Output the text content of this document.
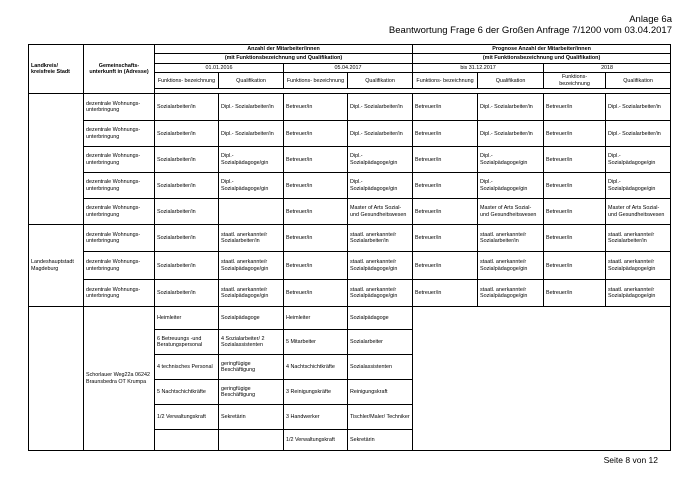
Anlage 6a
Beantwortung Frage 6 der Großen Anfrage 7/1200 vom 03.04.2017
Landkreis/ kreisfreie Stadt	Gemeinschafts- unterkunft in (Adresse)	Anzahl der Mitarbeiter/innen				Prognose Anzahl der Mitarbeiter/innen			
		(mit Funktionsbezeichnung und Qualifikation)				(mit Funktionsbezeichnung und Qualifikation)			
		01.01.2016		05.04.2017		bis 31.12.2017		2018	
		Funktions- bezeichnung	Qualifikation	Funktions- bezeichnung	Qualifikation	Funktions- bezeichnung	Qualifikation	Funktions- bezeichnung	Qualifikation

	dezentrale Wohnungs- unterbringung	Sozialarbeiter/in	Dipl.- Sozialarbeiter/in	Betreuer/in	Dipl.- Sozialarbeiter/in	Betreuer/in	Dipl.- Sozialarbeiter/in	Betreuer/in	Dipl.- Sozialarbeiter/in
	dezentrale Wohnungs- unterbringung	Sozialarbeiter/in	Dipl.- Sozialarbeiter/in	Betreuer/in	Dipl.- Sozialarbeiter/in	Betreuer/in	Dipl.- Sozialarbeiter/in	Betreuer/in	Dipl.- Sozialarbeiter/in
	dezentrale Wohnungs- unterbringung	Sozialarbeiter/in	Dipl.- Sozialpädagoge/gin	Betreuer/in	Dipl.- Sozialpädagoge/gin	Betreuer/in	Dipl.- Sozialpädagoge/gin	Betreuer/in	Dipl.- Sozialpädagoge/gin
	dezentrale Wohnungs- unterbringung	Sozialarbeiter/in	Dipl.- Sozialpädagoge/gin	Betreuer/in	Dipl.- Sozialpädagoge/gin	Betreuer/in	Dipl.- Sozialpädagoge/gin	Betreuer/in	Dipl.- Sozialpädagoge/gin
	dezentrale Wohnungs- unterbringung	Sozialarbeiter/in		Betreuer/in	Master of Arts Sozial- und Gesundheitswesen	Betreuer/in	Master of Arts Sozial- und Gesundheitswesen	Betreuer/in	Master of Arts Sozial- und Gesundheitswesen
Landeshauptstadt Magdeburg	dezentrale Wohnungs- unterbringung	Sozialarbeiter/in	staatl. anerkannte/r Sozialarbeiter/in	Betreuer/in	staatl. anerkannte/r Sozialarbeiter/in	Betreuer/in	staatl. anerkannte/r Sozialarbeiter/in	Betreuer/in	staatl. anerkannte/r Sozialarbeiter/in
	dezentrale Wohnungs- unterbringung	Sozialarbeiter/in	staatl. anerkannte/r Sozialpädagoge/gin	Betreuer/in	staatl. anerkannte/r Sozialpädagoge/gin	Betreuer/in	staatl. anerkannte/r Sozialpädagoge/gin	Betreuer/in	staatl. anerkannte/r Sozialpädagoge/gin
	dezentrale Wohnungs- unterbringung	Sozialarbeiter/in	staatl. anerkannte/r Sozialpädagoge/gin	Betreuer/in	staatl. anerkannte/r Sozialpädagoge/gin	Betreuer/in	staatl. anerkannte/r Sozialpädagoge/gin	Betreuer/in	staatl. anerkannte/r Sozialpädagoge/gin
	Schorlauer Weg22a 06242 Braunsbedra OT Krumpa	Heimleiter	Sozialpädagoge	Heimleiter	Sozialpädagoge				
		6 Betreuungs -und Beratungspersonal	4 Sozialarbeiter/ 2 Sozialassistenten	5 Mitarbeiter	Sozialarbeiter				
		4 technisches Personal	geringfügige Beschäftigung	4 Nachtschichtkräfte	Sozialassistenten				
		5 Nachtschichtkräfte	geringfügige Beschäftigung	3 Reinigungskräfte	Reinigungskraft				
		1/2 Verwaltungskraft	Sekretärin	3 Handwerker	Tischler/Maler/ Techniker				
				1/2 Verwaltungskraft	Sekretärin				
Seite 8 von 12
